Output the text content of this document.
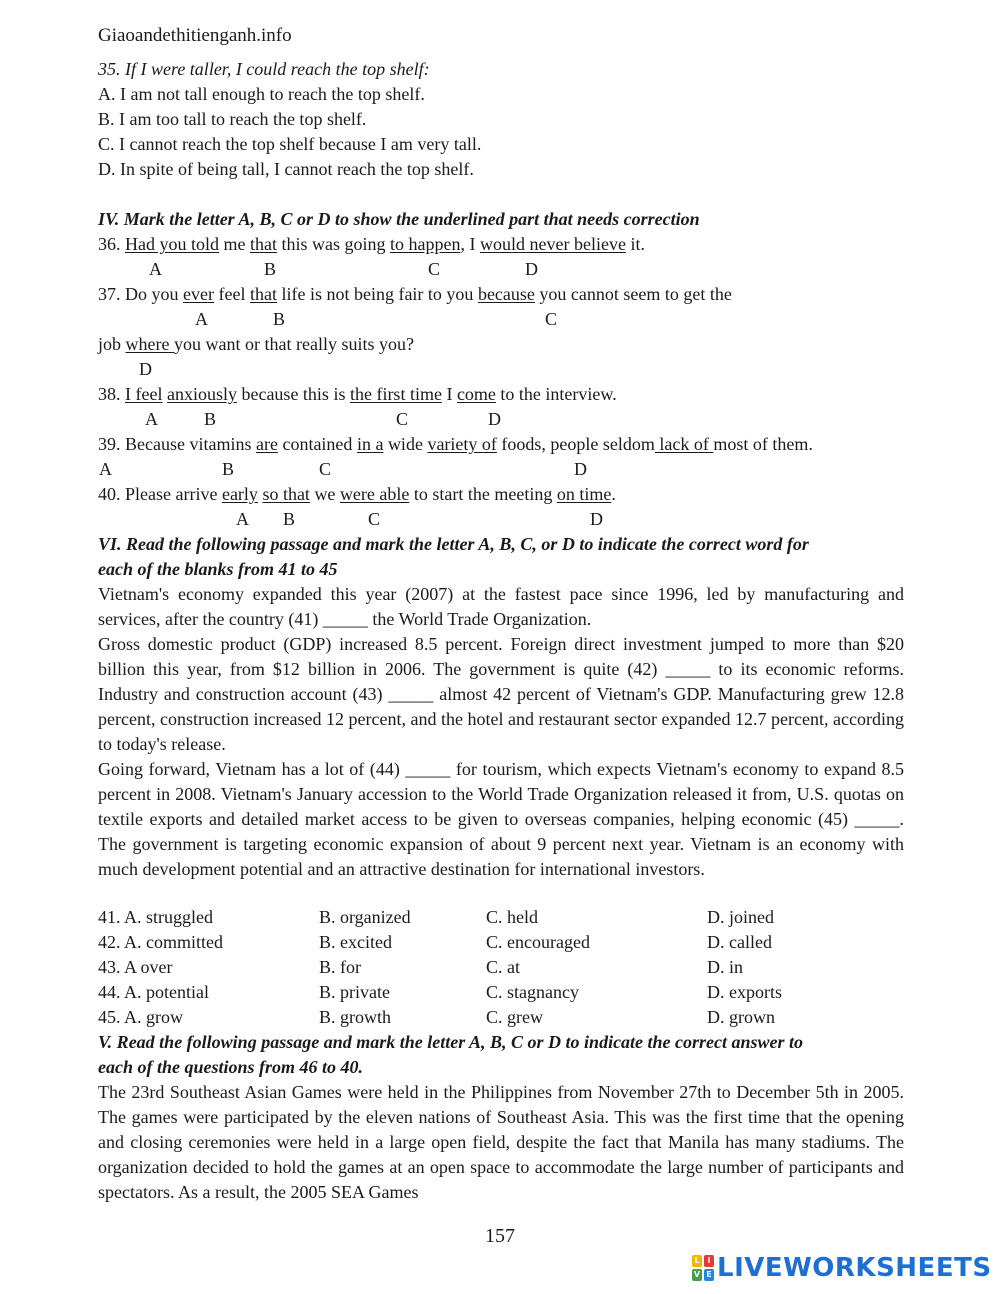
Giaoandethitienganh.info
35. If I were taller, I could reach the top shelf:
A. I am not tall enough to reach the top shelf.
B. I am too tall to reach the top shelf.
C. I cannot reach the top shelf because I am very tall.
D. In spite of being tall, I cannot reach the top shelf.
IV. Mark the letter A, B, C or D to show the underlined part that needs correction
36. Had you told me that this was going to happen, I would never believe it.
A	B	C	D
37. Do you ever feel that life is not being fair to you because you cannot seem to get the
A	B	C
job where you want or that really suits you?
D
38. I feel anxiously because this is the first time I come to the interview.
A	B	C	D
39. Because vitamins are contained in a wide variety of foods, people seldom lack of most of them.
A	B	C	D
40. Please arrive early so that we were able to start the meeting on time.
A B	C	D
VI. Read the following passage and mark the letter A, B, C, or D to indicate the correct word for
each of the blanks from 41 to 45

Vietnam's economy expanded this year (2007) at the fastest pace since 1996, led by manufacturing and services, after the country (41) _____ the World Trade Organization.

Gross domestic product (GDP) increased 8.5 percent. Foreign direct investment jumped to more than $20 billion this year, from $12 billion in 2006. The government is quite (42) _____ to its economic reforms. Industry and construction account (43) _____ almost 42 percent of Vietnam's GDP. Manufacturing grew 12.8 percent, construction increased 12 percent, and the hotel and restaurant sector expanded 12.7 percent, according to today's release.

Going forward, Vietnam has a lot of (44) _____ for tourism, which expects Vietnam's economy to expand 8.5 percent in 2008. Vietnam's January accession to the World Trade Organization released it from, U.S. quotas on textile exports and detailed market access to be given to overseas companies, helping economic (45) _____. The government is targeting economic expansion of about 9 percent next year. Vietnam is an economy with much development potential and an attractive destination for international investors.

41. A. struggled	B. organized	C. held	D. joined
42. A. committed	B. excited	C. encouraged	D. called
43. A over	B. for	C. at	D. in
44. A. potential	B. private	C. stagnancy	D. exports
45. A. grow	B. growth	C. grew	D. grown
V. Read the following passage and mark the letter A, B, C or D to indicate the correct answer to
each of the questions from 46 to 40.

The 23rd Southeast Asian Games were held in the Philippines from November 27th to December 5th in 2005. The games were participated by the eleven nations of Southeast Asia. This was the first time that the opening and closing ceremonies were held in a large open field, despite the fact that Manila has many stadiums. The organization decided to hold the games at an open space to accommodate the large number of participants and spectators. As a result, the 2005 SEA Games

157
L	i
V E LIVEWORKSHEETS
